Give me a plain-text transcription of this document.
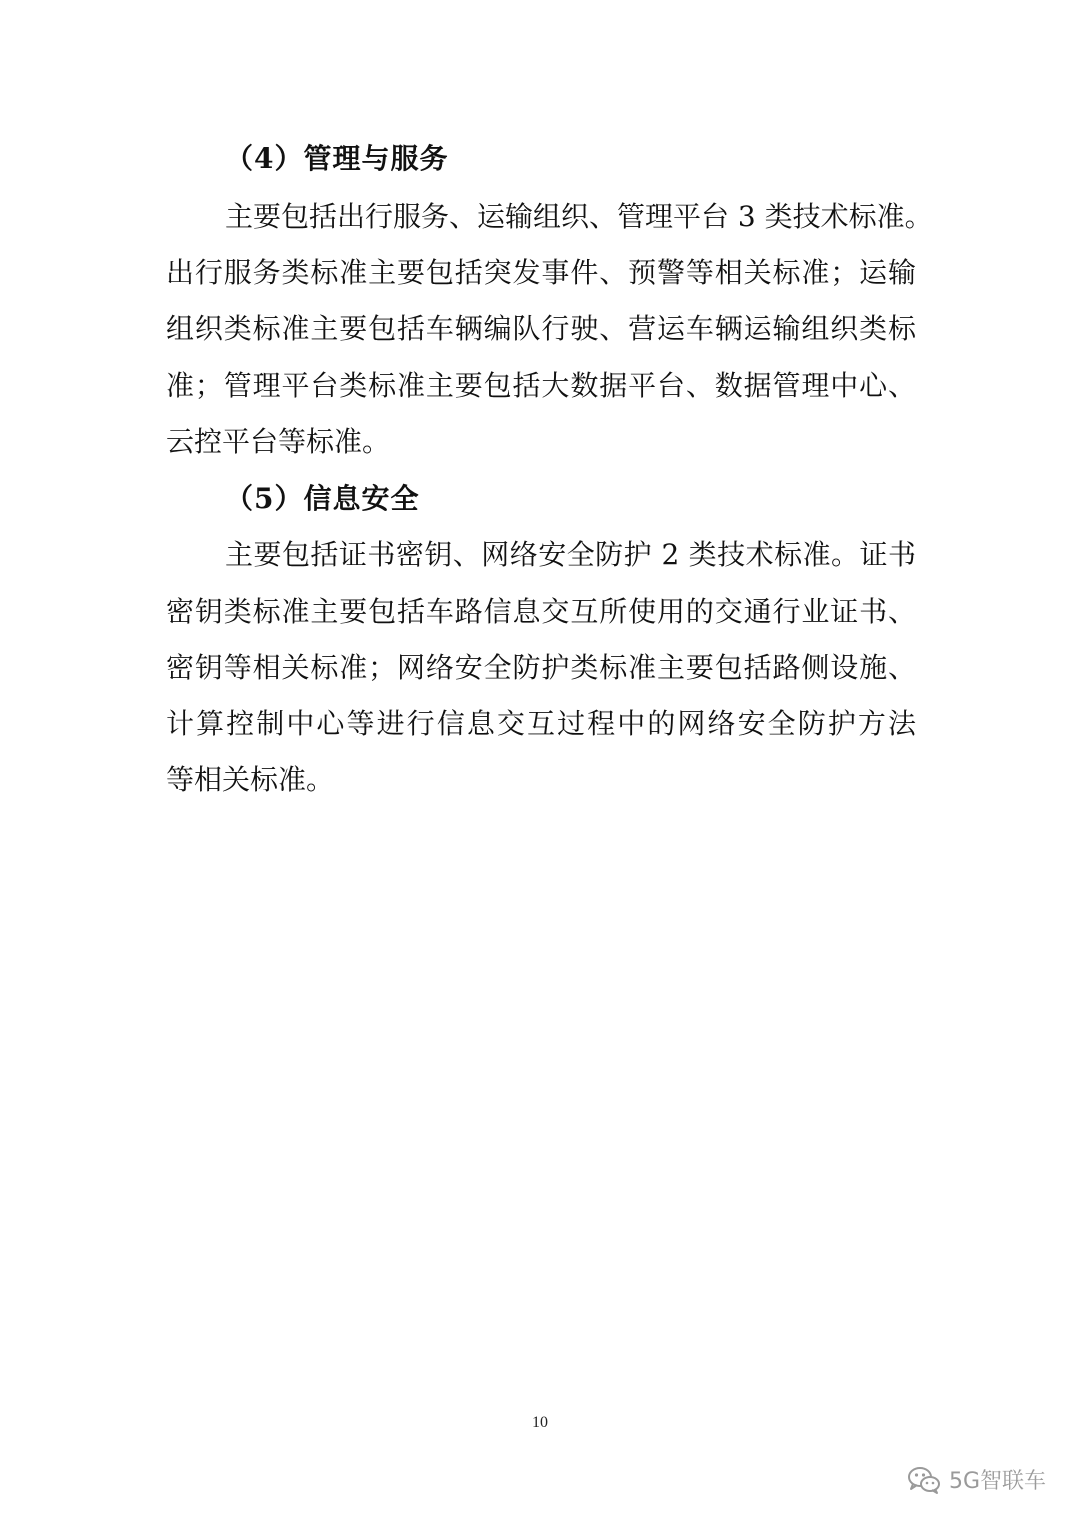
（4）管理与服务
主要包括出行服务、运输组织、管理平台 3 类技术标准。
出行服务类标准主要包括突发事件、预警等相关标准；运输
组织类标准主要包括车辆编队行驶、营运车辆运输组织类标
准；管理平台类标准主要包括大数据平台、数据管理中心、
云控平台等标准。
（5）信息安全
主要包括证书密钥、网络安全防护 2 类技术标准。证书
密钥类标准主要包括车路信息交互所使用的交通行业证书、
密钥等相关标准；网络安全防护类标准主要包括路侧设施、
计算控制中心等进行信息交互过程中的网络安全防护方法
等相关标准。
10
5G智联车
